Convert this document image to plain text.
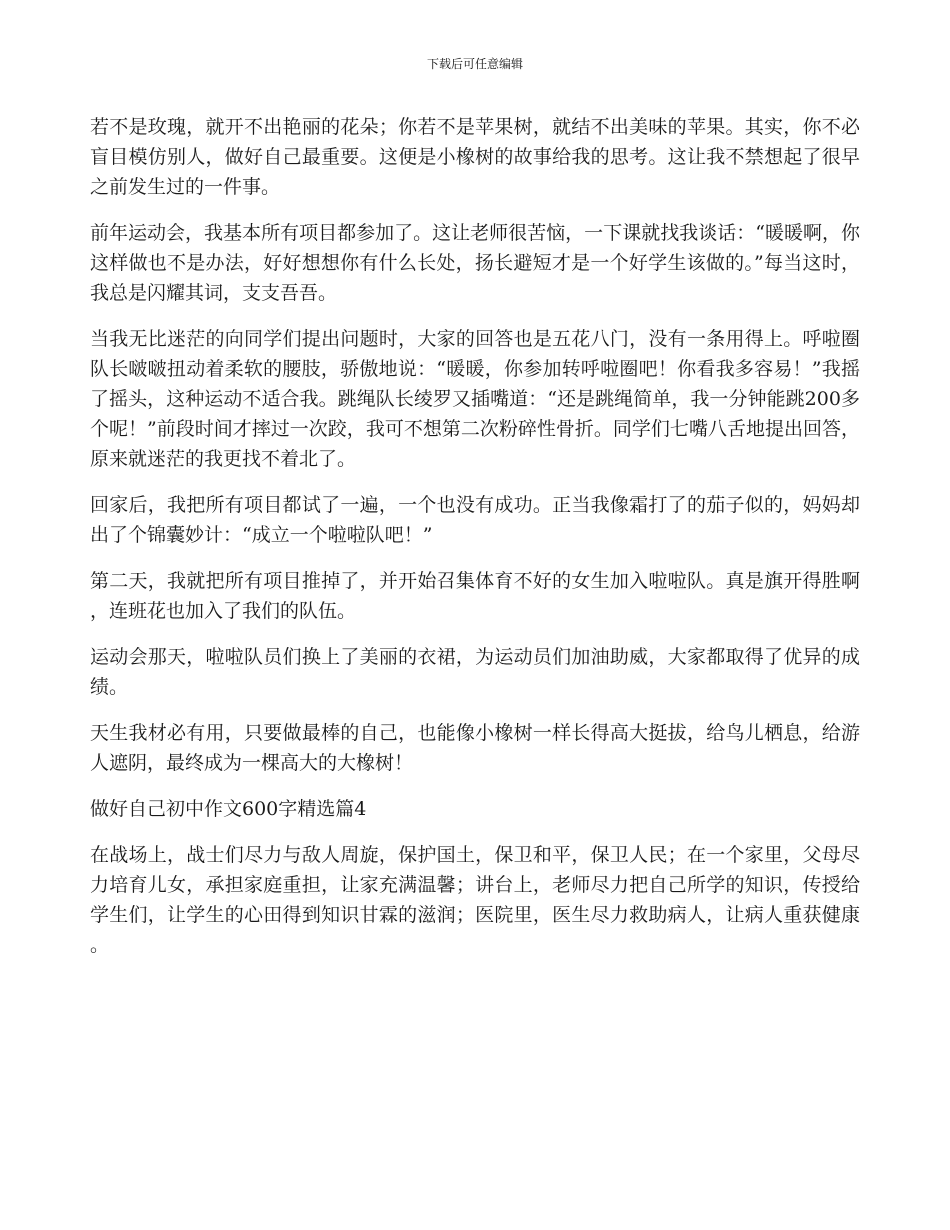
下载后可任意编辑

若不是玫瑰，就开不出艳丽的花朵；你若不是苹果树，就结不出美味的苹果。其实，你不必盲目模仿别人，做好自己最重要。这便是小橡树的故事给我的思考。这让我不禁想起了很早之前发生过的一件事。

前年运动会，我基本所有项目都参加了。这让老师很苦恼，一下课就找我谈话：“暖暖啊，你这样做也不是办法，好好想想你有什么长处，扬长避短才是一个好学生该做的。”每当这时，我总是闪耀其词，支支吾吾。

当我无比迷茫的向同学们提出问题时，大家的回答也是五花八门，没有一条用得上。呼啦圈队长啵啵扭动着柔软的腰肢，骄傲地说：“暖暖，你参加转呼啦圈吧！你看我多容易！”我摇了摇头，这种运动不适合我。跳绳队长绫罗又插嘴道：“还是跳绳简单，我一分钟能跳200多个呢！”前段时间才摔过一次跤，我可不想第二次粉碎性骨折。同学们七嘴八舌地提出回答，原来就迷茫的我更找不着北了。

回家后，我把所有项目都试了一遍，一个也没有成功。正当我像霜打了的茄子似的，妈妈却出了个锦囊妙计：“成立一个啦啦队吧！”

第二天，我就把所有项目推掉了，并开始召集体育不好的女生加入啦啦队。真是旗开得胜啊，连班花也加入了我们的队伍。

运动会那天，啦啦队员们换上了美丽的衣裙，为运动员们加油助威，大家都取得了优异的成绩。

天生我材必有用，只要做最棒的自己，也能像小橡树一样长得高大挺拔，给鸟儿栖息，给游人遮阴，最终成为一棵高大的大橡树！

做好自己初中作文600字精选篇4

在战场上，战士们尽力与敌人周旋，保护国土，保卫和平，保卫人民；在一个家里，父母尽力培育儿女，承担家庭重担，让家充满温馨；讲台上，老师尽力把自己所学的知识，传授给学生们，让学生的心田得到知识甘霖的滋润；医院里，医生尽力救助病人，让病人重获健康。
